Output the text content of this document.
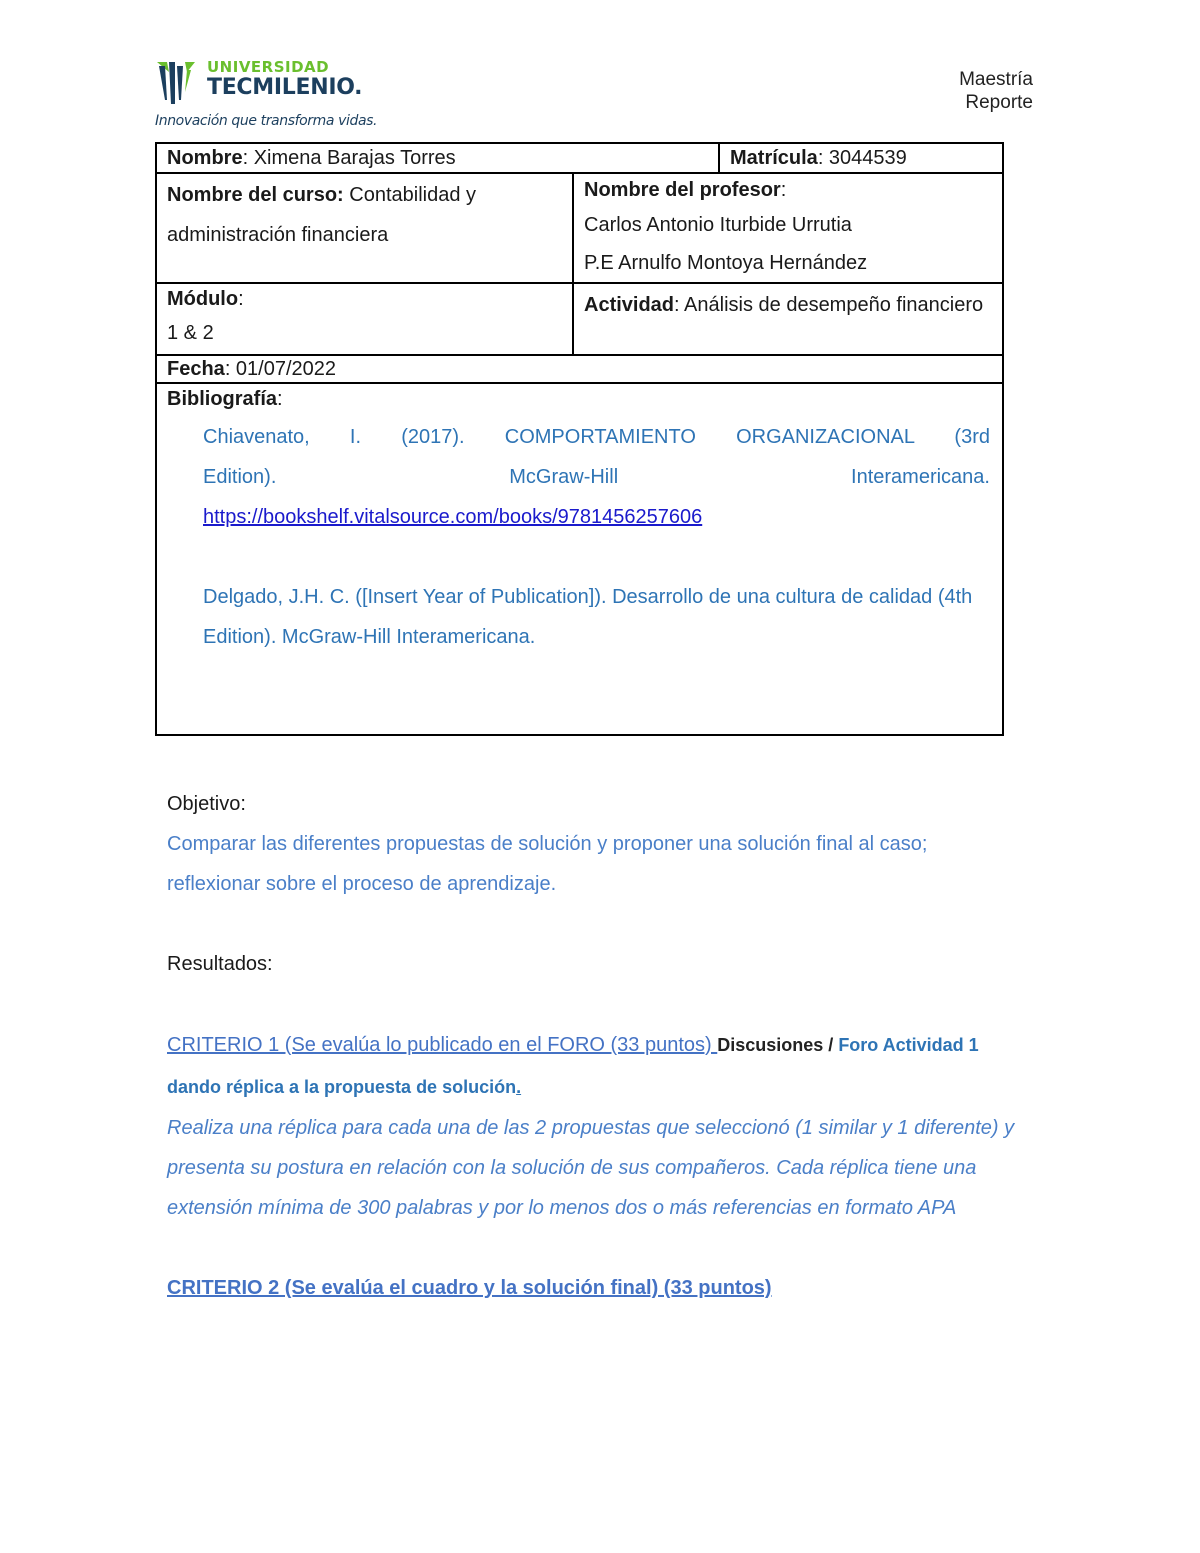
UNIVERSIDAD
TECMILENIO.
Innovación que transforma vidas.
Maestría
Reporte
Nombre: Ximena Barajas Torres		Matrícula: 3044539
Nombre del curso: Contabilidad y administración financiera	Nombre del profesor:
Carlos Antonio Iturbide Urrutia
P.E Arnulfo Montoya Hernández	

Módulo:
1 & 2	Actividad: Análisis de desempeño financiero	
Fecha: 01/07/2022		

Bibliografía:

Chiavenato, I. (2017). COMPORTAMIENTO ORGANIZACIONAL (3rd

Edition). McGraw-Hill Interamericana.

https://bookshelf.vitalsource.com/books/9781456257606

Delgado, J.H. C. ([Insert Year of Publication]). Desarrollo de una cultura de calidad (4th Edition). McGraw-Hill Interamericana.		

Objetivo:

Comparar las diferentes propuestas de solución y proponer una solución final al caso; reflexionar sobre el proceso de aprendizaje.

Resultados:

CRITERIO 1 (Se evalúa lo publicado en el FORO (33 puntos) Discusiones / Foro Actividad 1 dando réplica a la propuesta de solución.

Realiza una réplica para cada una de las 2 propuestas que seleccionó (1 similar y 1 diferente) y presenta su postura en relación con la solución de sus compañeros. Cada réplica tiene una extensión mínima de 300 palabras y por lo menos dos o más referencias en formato APA

CRITERIO 2 (Se evalúa el cuadro y la solución final) (33 puntos)
